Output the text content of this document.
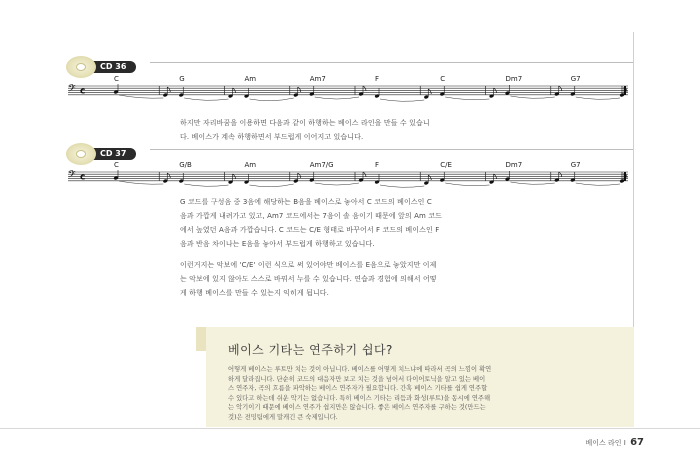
CD 36
𝄢 c
C	G	Am	Am7	F	C	Dm7	G7

하지만 자리바꿈을 이용하면 다음과 같이 하행하는 베이스 라인을 만들 수 있습니

다. 베이스가 계속 하행하면서 부드럽게 이어지고 있습니다.

CD 37
𝄢 c
C	G/B	Am	Am7/G	F	C/E	Dm7	G7

G 코드를 구성음 중 3음에 해당하는 B음을 베이스로 놓아서 C 코드의 베이스인 C

음과 가깝게 내려가고 있고, Am7 코드에서는 7음이 솔 음이기 때문에 앞의 Am 코드

에서 높였던 A음과 가깝습니다. C 코드는 C/E 형태로 바꾸어서 F 코드의 베이스인 F

음과 반음 차이나는 E음을 놓아서 부드럽게 하행하고 있습니다.

이런거지는 악보에 'C/E' 이런 식으로 써 있어야만 베이스를 E음으로 놓았지만 이제

는 악보에 있지 않아도 스스로 바꿔서 누를 수 있습니다. 연습과 경험에 의해서 어떻

게 하행 베이스를 만들 수 있는지 익히게 됩니다.

베이스 기타는 연주하기 쉽다?
어떻게 베이스는 루트만 치는 것이 아닙니다. 베이스를 어떻게 치느냐에 따라서 곡의 느낌이 확연
하게 달라집니다. 단순히 코드의 대음자만 보고 치는 것을 넘어서 다이어토닉을 알고 있는 베이
스 연주자, 곡의 흐름을 파악하는 베이스 연주자가 필요합니다. 간혹 베이스 기타를 쉽게 연주할
수 있다고 하는데 쉬운 악기는 없습니다. 특히 베이스 기타는 리듬과 화성(루트)을 동시에 연주해
는 악기이기 때문에 베이스 연주가 쉽지만은 않습니다. 좋은 베이스 연주자를 구하는 것(만드는
것)은 전밍팀에게 말캐긴 큰 숙제입니다.
베이스 라인 I 67
